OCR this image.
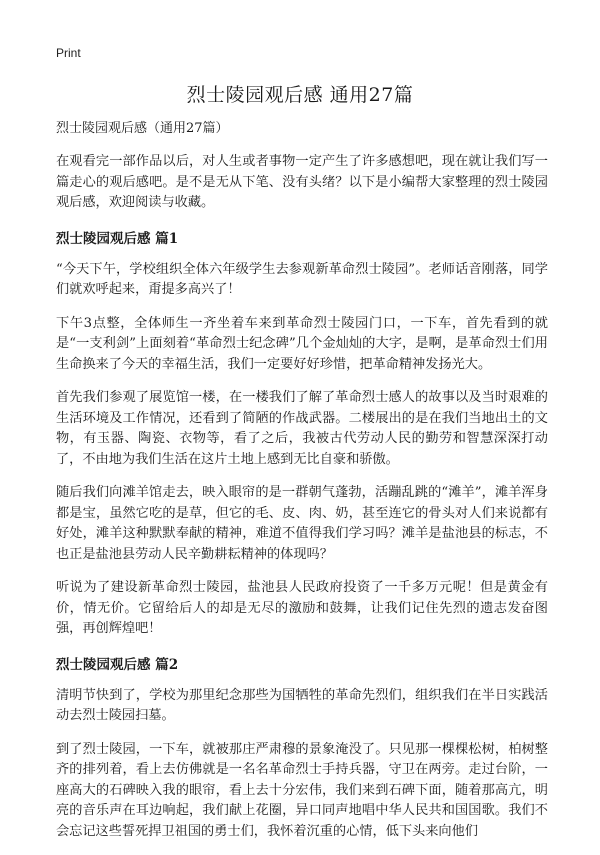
Print
烈士陵园观后感 通用27篇
烈士陵园观后感（通用27篇）

在观看完一部作品以后，对人生或者事物一定产生了许多感想吧，现在就让我们写一篇走心的观后感吧。是不是无从下笔、没有头绪？以下是小编帮大家整理的烈士陵园观后感，欢迎阅读与收藏。

烈士陵园观后感 篇1

“今天下午，学校组织全体六年级学生去参观新革命烈士陵园”。老师话音刚落，同学们就欢呼起来，甭提多高兴了！

下午3点整，全体师生一齐坐着车来到革命烈士陵园门口，一下车，首先看到的就是“一支利剑”上面刻着“革命烈士纪念碑”几个金灿灿的大字，是啊，是革命烈士们用生命换来了今天的幸福生活，我们一定要好好珍惜，把革命精神发扬光大。

首先我们参观了展览馆一楼，在一楼我们了解了革命烈士感人的故事以及当时艰难的生活环境及工作情况，还看到了简陋的作战武器。二楼展出的是在我们当地出土的文物，有玉器、陶瓷、衣物等，看了之后，我被古代劳动人民的勤劳和智慧深深打动了，不由地为我们生活在这片土地上感到无比自豪和骄傲。

随后我们向滩羊馆走去，映入眼帘的是一群朝气蓬勃，活蹦乱跳的“滩羊”，滩羊浑身都是宝，虽然它吃的是草，但它的毛、皮、肉、奶，甚至连它的骨头对人们来说都有好处，滩羊这种默默奉献的精神，难道不值得我们学习吗？滩羊是盐池县的标志，不也正是盐池县劳动人民辛勤耕耘精神的体现吗？

听说为了建设新革命烈士陵园，盐池县人民政府投资了一千多万元呢！但是黄金有价，情无价。它留给后人的却是无尽的激励和鼓舞，让我们记住先烈的遗志发奋图强，再创辉煌吧！

烈士陵园观后感 篇2

清明节快到了，学校为那里纪念那些为国牺牲的革命先烈们，组织我们在半日实践活动去烈士陵园扫墓。

到了烈士陵园，一下车，就被那庄严肃穆的景象淹没了。只见那一棵棵松树，柏树整齐的排列着，看上去仿佛就是一名名革命烈士手持兵器，守卫在两旁。走过台阶，一座高大的石碑映入我的眼帘，看上去十分宏伟，我们来到石碑下面，随着那高亢，明亮的音乐声在耳边响起，我们献上花圈，异口同声地唱中华人民共和国国歌。我们不会忘记这些誓死捍卫祖国的勇士们，我怀着沉重的心情，低下头来向他们
